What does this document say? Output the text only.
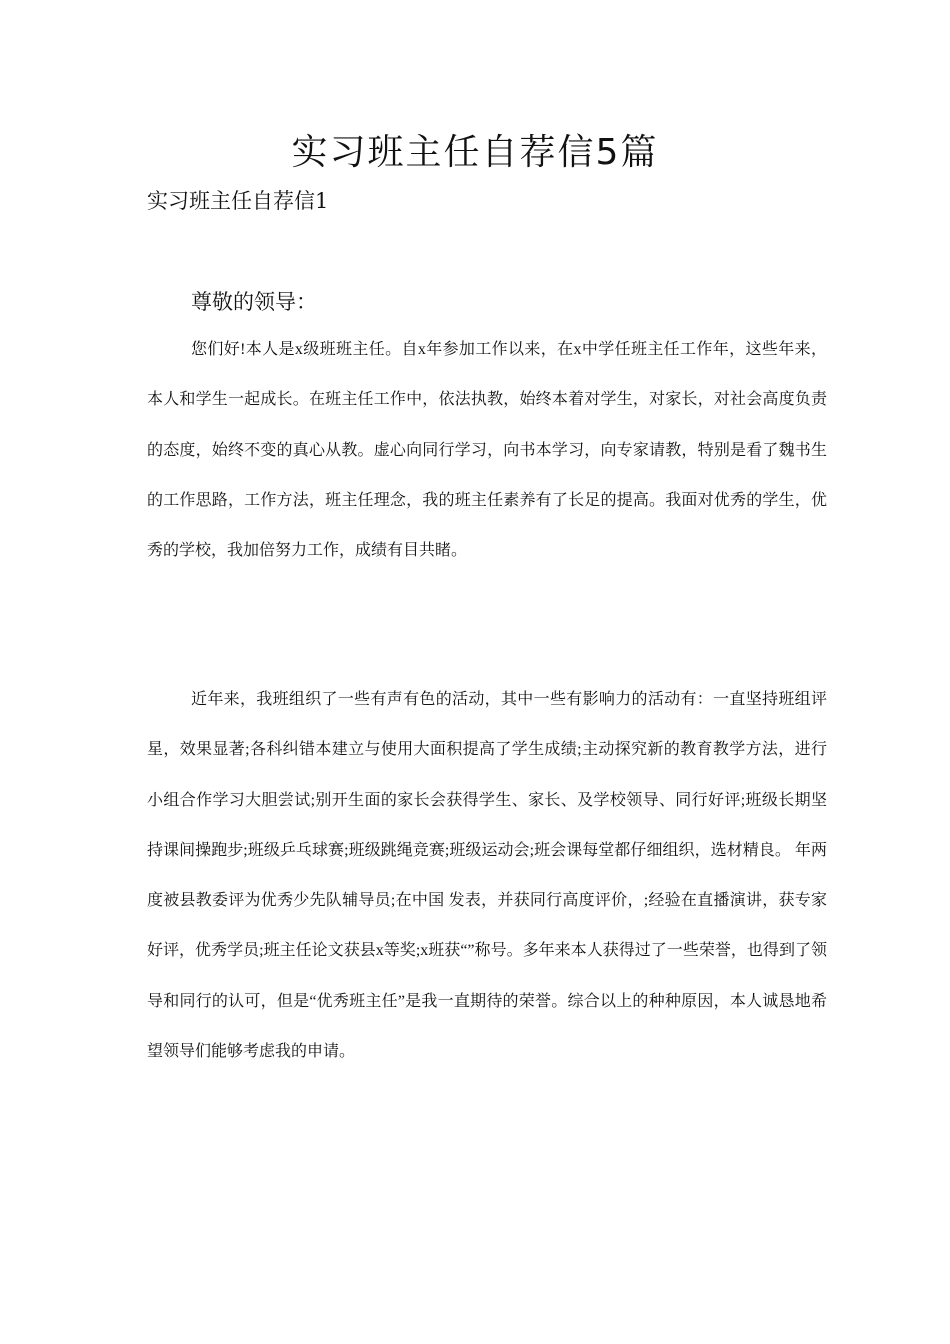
实习班主任自荐信5篇
实习班主任自荐信1
尊敬的领导：

您们好!本人是x级班班主任。自x年参加工作以来，在x中学任班主任工作年，这些年来，本人和学生一起成长。在班主任工作中，依法执教，始终本着对学生，对家长，对社会高度负责的态度，始终不变的真心从教。虚心向同行学习，向书本学习，向专家请教，特别是看了魏书生的工作思路，工作方法，班主任理念，我的班主任素养有了长足的提高。我面对优秀的学生，优秀的学校，我加倍努力工作，成绩有目共睹。

近年来，我班组织了一些有声有色的活动，其中一些有影响力的活动有：一直坚持班组评星，效果显著;各科纠错本建立与使用大面积提高了学生成绩;主动探究新的教育教学方法，进行小组合作学习大胆尝试;别开生面的家长会获得学生、家长、及学校领导、同行好评;班级长期坚持课间操跑步;班级乒乓球赛;班级跳绳竞赛;班级运动会;班会课每堂都仔细组织，选材精良。 年两度被县教委评为优秀少先队辅导员;在中国 发表，并获同行高度评价，;经验在直播演讲，获专家好评，优秀学员;班主任论文获县x等奖;x班获“”称号。多年来本人获得过了一些荣誉，也得到了领导和同行的认可，但是“优秀班主任”是我一直期待的荣誉。综合以上的种种原因，本人诚恳地希望领导们能够考虑我的申请。
